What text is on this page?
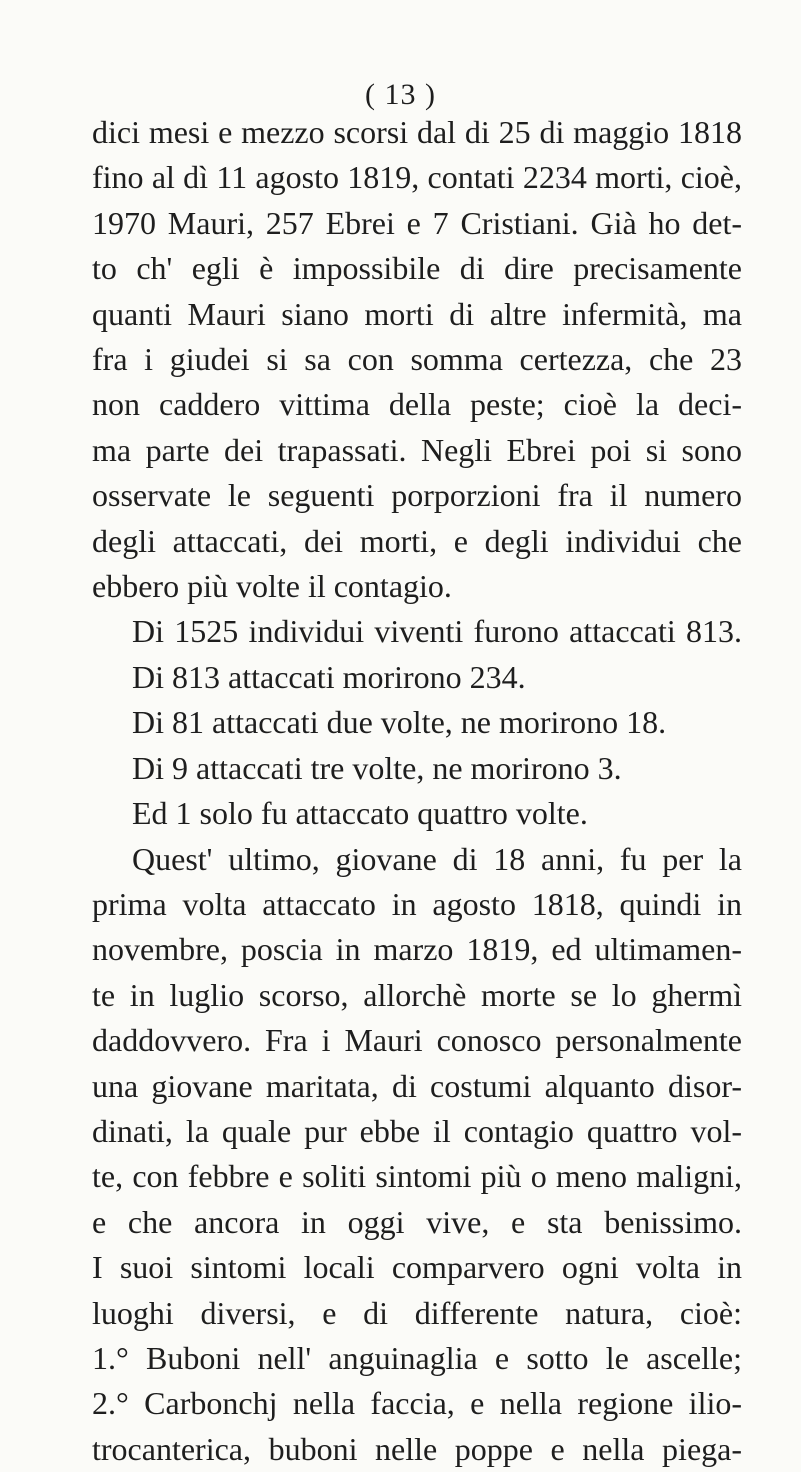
( 13 )
dici mesi e mezzo scorsi dal di 25 di maggio 1818
fino al dì 11 agosto 1819, contati 2234 morti, cioè,
1970 Mauri, 257 Ebrei e 7 Cristiani. Già ho det-
to ch' egli è impossibile di dire precisamente
quanti Mauri siano morti di altre infermità, ma
fra i giudei si sa con somma certezza, che 23
non caddero vittima della peste; cioè la deci-
ma parte dei trapassati. Negli Ebrei poi si sono
osservate le seguenti porporzioni fra il numero
degli attaccati, dei morti, e degli individui che
ebbero più volte il contagio.
Di 1525 individui viventi furono attaccati 813.
Di 813 attaccati morirono 234.
Di 81 attaccati due volte, ne morirono 18.
Di 9 attaccati tre volte, ne morirono 3.
Ed 1 solo fu attaccato quattro volte.
Quest' ultimo, giovane di 18 anni, fu per la
prima volta attaccato in agosto 1818, quindi in
novembre, poscia in marzo 1819, ed ultimamen-
te in luglio scorso, allorchè morte se lo ghermì
daddovvero. Fra i Mauri conosco personalmente
una giovane maritata, di costumi alquanto disor-
dinati, la quale pur ebbe il contagio quattro vol-
te, con febbre e soliti sintomi più o meno maligni,
e che ancora in oggi vive, e sta benissimo.
I suoi sintomi locali comparvero ogni volta in
luoghi diversi, e di differente natura, cioè:
1.° Buboni nell' anguinaglia e sotto le ascelle;
2.° Carbonchj nella faccia, e nella regione ilio-
trocanterica, buboni nelle poppe e nella piega-
